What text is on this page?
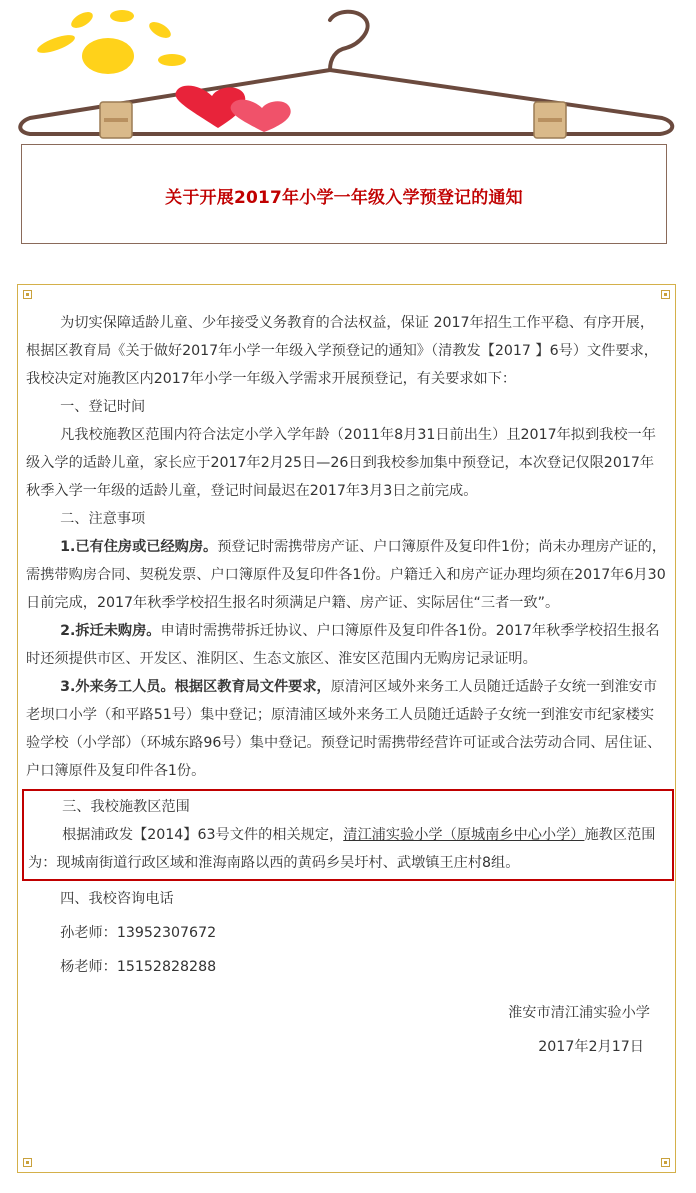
关于开展2017年小学一年级入学预登记的通知

为切实保障适龄儿童、少年接受义务教育的合法权益，保证 2017年招生工作平稳、有序开展，根据区教育局《关于做好2017年小学一年级入学预登记的通知》（清教发【2017 】6号）文件要求，我校决定对施教区内2017年小学一年级入学需求开展预登记，有关要求如下：

一、登记时间

凡我校施教区范围内符合法定小学入学年龄（2011年8月31日前出生）且2017年拟到我校一年级入学的适龄儿童，家长应于2017年2月25日—26日到我校参加集中预登记，本次登记仅限2017年秋季入学一年级的适龄儿童，登记时间最迟在2017年3月3日之前完成。

二、注意事项

1.已有住房或已经购房。预登记时需携带房产证、户口簿原件及复印件1份；尚未办理房产证的，需携带购房合同、契税发票、户口簿原件及复印件各1份。户籍迁入和房产证办理均须在2017年6月30日前完成，2017年秋季学校招生报名时须满足户籍、房产证、实际居住“三者一致”。

2.拆迁未购房。申请时需携带拆迁协议、户口簿原件及复印件各1份。2017年秋季学校招生报名时还须提供市区、开发区、淮阴区、生态文旅区、淮安区范围内无购房记录证明。

3.外来务工人员。根据区教育局文件要求，原清河区域外来务工人员随迁适龄子女统一到淮安市老坝口小学（和平路51号）集中登记；原清浦区域外来务工人员随迁适龄子女统一到淮安市纪家楼实验学校（小学部）（环城东路96号）集中登记。预登记时需携带经营许可证或合法劳动合同、居住证、户口簿原件及复印件各1份。

三、我校施教区范围

根据浦政发【2014】63号文件的相关规定，清江浦实验小学（原城南乡中心小学）施教区范围为：现城南街道行政区域和淮海南路以西的黄码乡吴圩村、武墩镇王庄村8组。

四、我校咨询电话

孙老师：13952307672

杨老师：15152828288

淮安市清江浦实验小学

2017年2月17日
